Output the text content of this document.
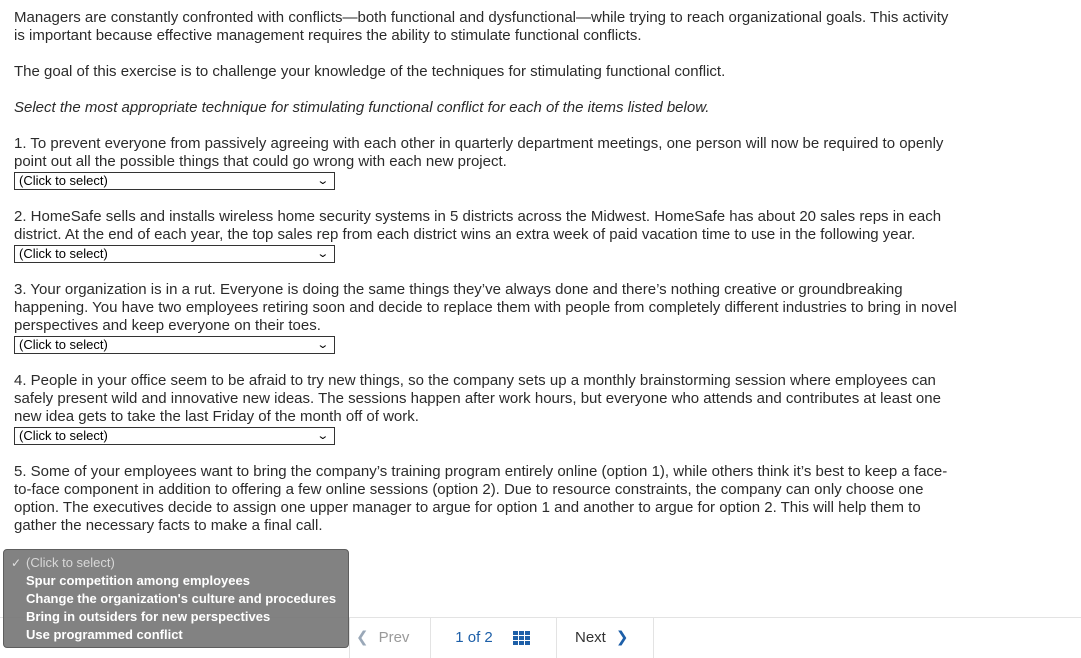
Managers are constantly confronted with conflicts—both functional and dysfunctional—while trying to reach organizational goals. This activity is important because effective management requires the ability to stimulate functional conflicts.

The goal of this exercise is to challenge your knowledge of the techniques for stimulating functional conflict.

Select the most appropriate technique for stimulating functional conflict for each of the items listed below.

1. To prevent everyone from passively agreeing with each other in quarterly department meetings, one person will now be required to openly point out all the possible things that could go wrong with each new project.

(Click to select)	⌄

2. HomeSafe sells and installs wireless home security systems in 5 districts across the Midwest. HomeSafe has about 20 sales reps in each district. At the end of each year, the top sales rep from each district wins an extra week of paid vacation time to use in the following year.

(Click to select)	⌄

3. Your organization is in a rut. Everyone is doing the same things they’ve always done and there’s nothing creative or groundbreaking happening. You have two employees retiring soon and decide to replace them with people from completely different industries to bring in novel perspectives and keep everyone on their toes.

(Click to select)	⌄

4. People in your office seem to be afraid to try new things, so the company sets up a monthly brainstorming session where employees can safely present wild and innovative new ideas. The sessions happen after work hours, but everyone who attends and contributes at least one new idea gets to take the last Friday of the month off of work.

(Click to select)	⌄

5. Some of your employees want to bring the company’s training program entirely online (option 1), while others think it’s best to keep a face-to-face component in addition to offering a few online sessions (option 2). Due to resource constraints, the company can only choose one option. The executives decide to assign one upper manager to argue for option 1 and another to argue for option 2. This will help them to gather the necessary facts to make a final call.

❮ Prev	1 of 2	Next ❯
✓ (Click to select)
Spur competition among employees
Change the organization's culture and procedures
Bring in outsiders for new perspectives
Use programmed conflict
